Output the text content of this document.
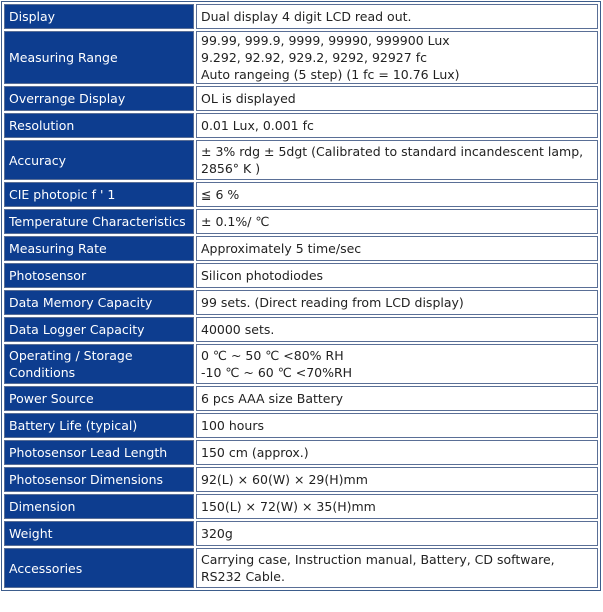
Display	Dual display 4 digit LCD read out.

Measuring Range	99.99, 999.9, 9999, 99990, 999900 Lux
9.292, 92.92, 929.2, 9292, 92927 fc
Auto rangeing (5 step) (1 fc = 10.76 Lux)

Overrange Display	OL is displayed

Resolution	0.01 Lux, 0.001 fc

Accuracy	± 3% rdg ± 5dgt (Calibrated to standard incandescent lamp,
2856° K )

CIE photopic f ' 1	≦ 6 %

Temperature Characteristics	± 0.1%/ ℃

Measuring Rate	Approximately 5 time/sec

Photosensor	Silicon photodiodes

Data Memory Capacity	99 sets. (Direct reading from LCD display)

Data Logger Capacity	40000 sets.

Operating / Storage Conditions	0 ℃ ~ 50 ℃ <80% RH
-10 ℃ ~ 60 ℃ <70%RH

Power Source	6 pcs AAA size Battery

Battery Life (typical)	100 hours

Photosensor Lead Length	150 cm (approx.)

Photosensor Dimensions	92(L) × 60(W) × 29(H)mm

Dimension	150(L) × 72(W) × 35(H)mm

Weight	320g

Accessories	Carrying case, Instruction manual, Battery, CD software,
RS232 Cable.
